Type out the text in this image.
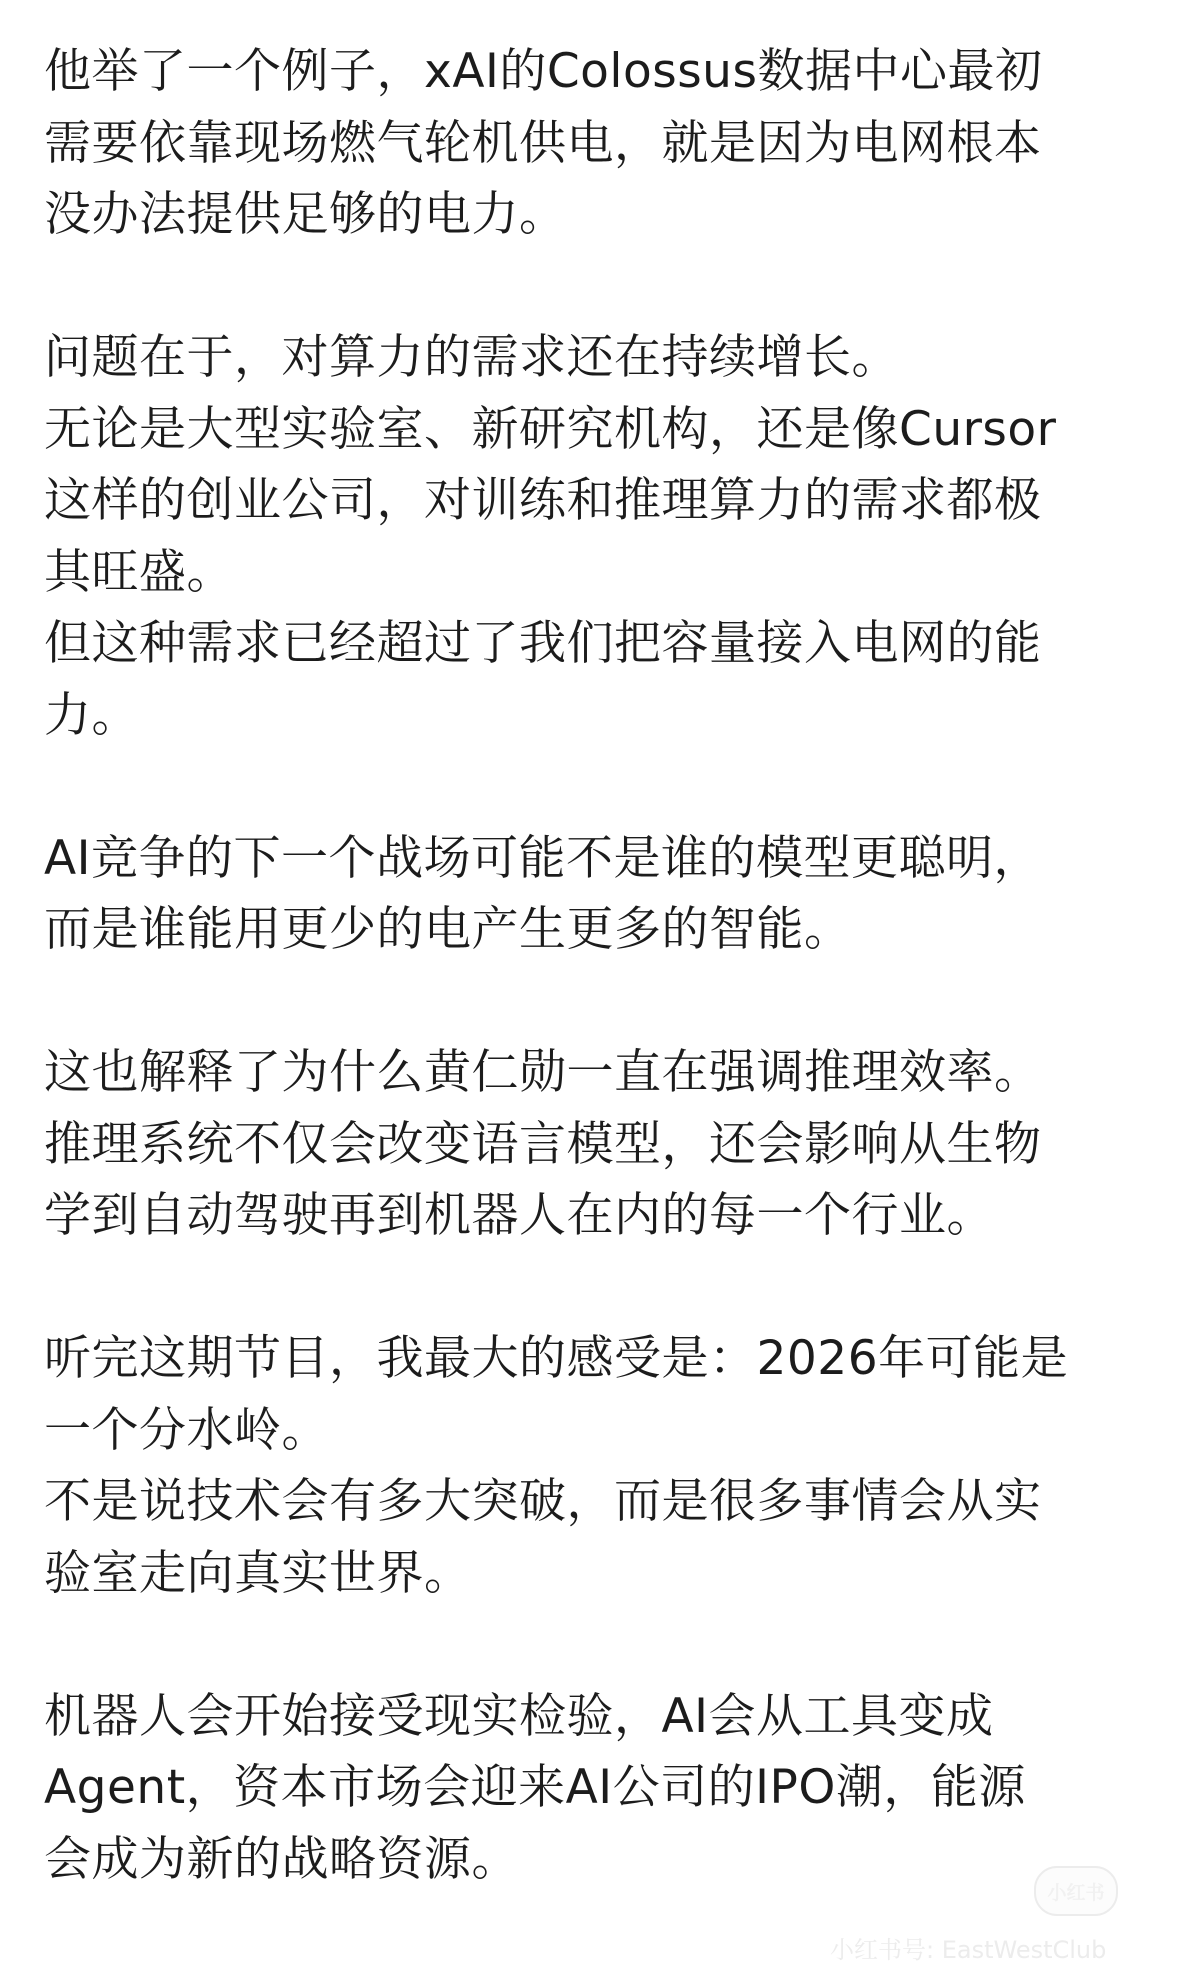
他举了一个例子，xAI的Colossus数据中心最初
需要依靠现场燃气轮机供电，就是因为电网根本
没办法提供足够的电力。
问题在于，对算力的需求还在持续增长。
无论是大型实验室、新研究机构，还是像Cursor
这样的创业公司，对训练和推理算力的需求都极
其旺盛。
但这种需求已经超过了我们把容量接入电网的能
力。
AI竞争的下一个战场可能不是谁的模型更聪明，
而是谁能用更少的电产生更多的智能。
这也解释了为什么黄仁勋一直在强调推理效率。
推理系统不仅会改变语言模型，还会影响从生物
学到自动驾驶再到机器人在内的每一个行业。
听完这期节目，我最大的感受是：2026年可能是
一个分水岭。
不是说技术会有多大突破，而是很多事情会从实
验室走向真实世界。
机器人会开始接受现实检验，AI会从工具变成
Agent，资本市场会迎来AI公司的IPO潮，能源
会成为新的战略资源。
小红书
小红书号: EastWestClub
